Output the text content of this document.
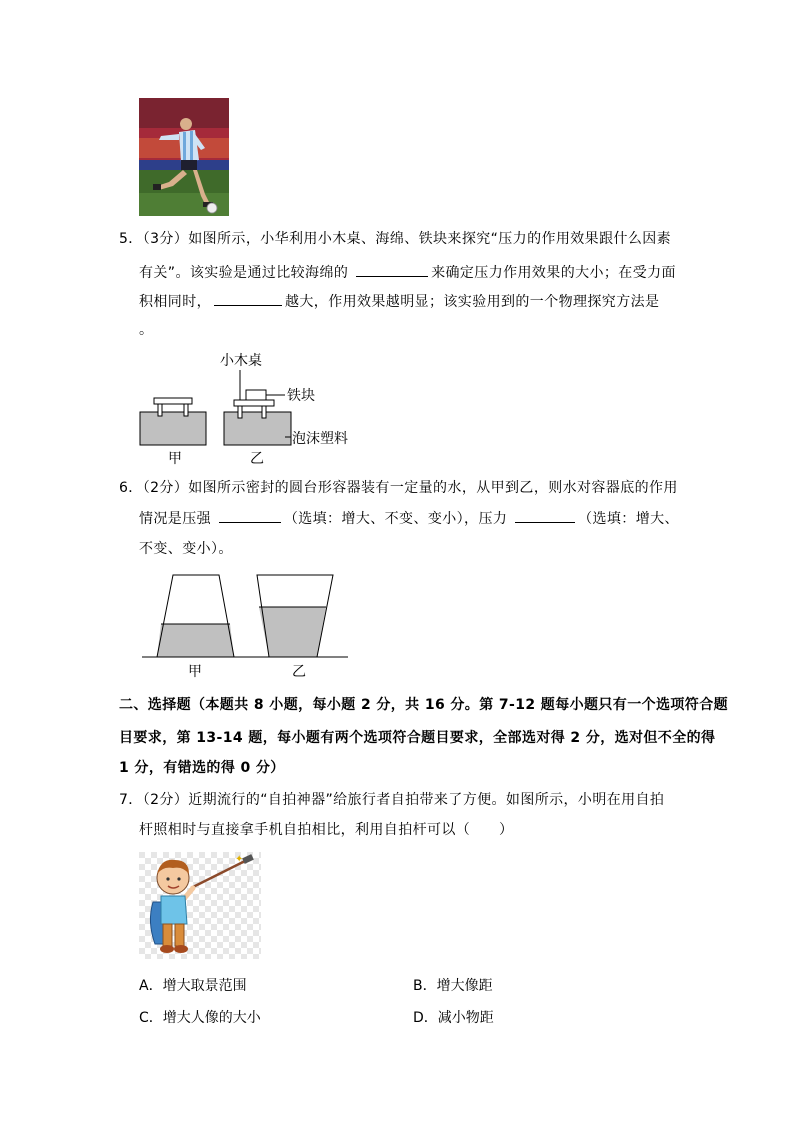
5．（3分）如图所示，小华利用小木桌、海绵、铁块来探究“压力的作用效果跟什么因素
有关”。该实验是通过比较海绵的	来确定压力作用效果的大小；在受力面
积相同时，	越大，作用效果越明显；该实验用到的一个物理探究方法是
。
小木桌
铁块
泡沫塑料
甲	乙
6．（2分）如图所示密封的圆台形容器装有一定量的水，从甲到乙，则水对容器底的作用
情况是压强	（选填：增大、不变、变小），压力	（选填：增大、
不变、变小）。
甲	乙
二、选择题（本题共 8 小题，每小题 2 分，共 16 分。第 7-12 题每小题只有一个选项符合题
目要求，第 13-14 题，每小题有两个选项符合题目要求，全部选对得 2 分，选对但不全的得
1 分，有错选的得 0 分）
7．（2分）近期流行的“自拍神器”给旅行者自拍带来了方便。如图所示，小明在用自拍
杆照相时与直接拿手机自拍相比，利用自拍杆可以（　　）
✦
A．增大取景范围	B．增大像距
C．增大人像的大小	D．减小物距
